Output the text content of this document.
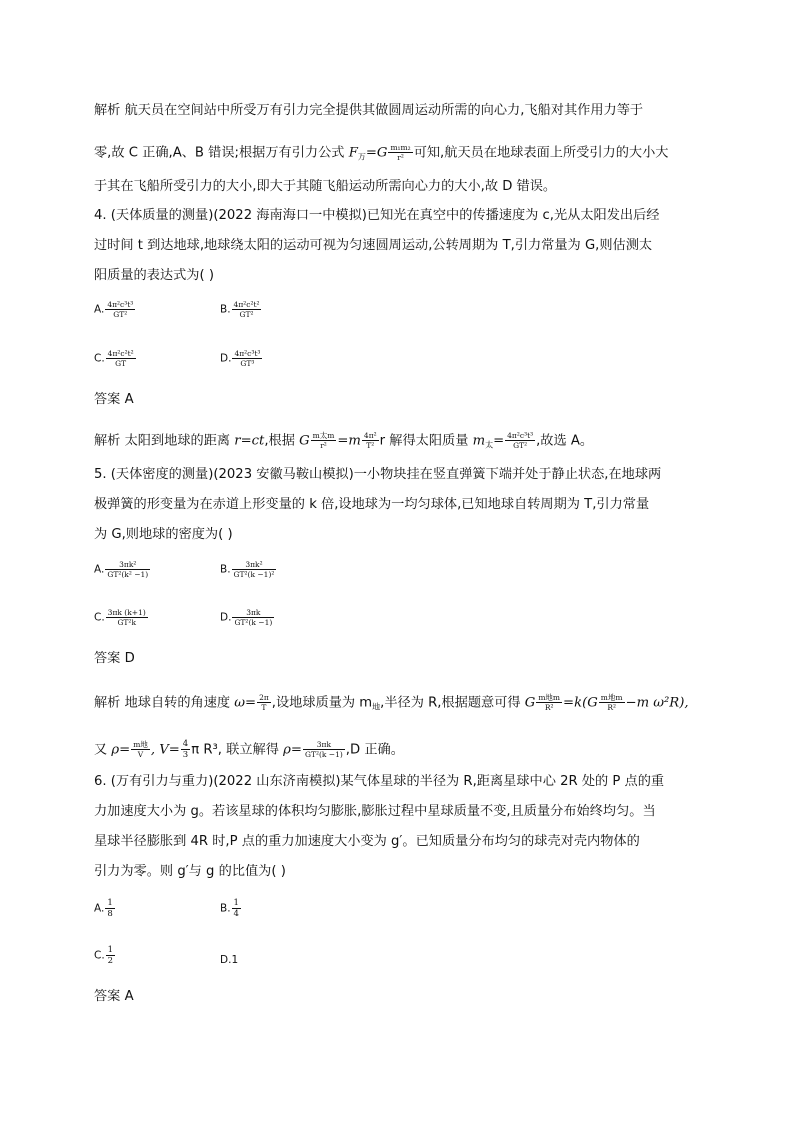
解析 航天员在空间站中所受万有引力完全提供其做圆周运动所需的向心力,飞船对其作用力等于
零,故 C 正确,A、B 错误;根据万有引力公式 $F_万=G \frac{\text{m₁m₂}}{\text{r²}}$ 可知,航天员在地球表面上所受引力的大小大
于其在飞船所受引力的大小,即大于其随飞船运动所需向心力的大小,故 D 错误。
4. (天体质量的测量)(2022 海南海口一中模拟)已知光在真空中的传播速度为 c,光从太阳发出后经
过时间 t 到达地球,地球绕太阳的运动可视为匀速圆周运动,公转周期为 T,引力常量为 G,则估测太
阳质量的表达式为( )
A. $\frac{\text{4π²c³t³}}{\text{GT²}}$	B. $\frac{\text{4π²c²t²}}{\text{GT²}}$
C. $\frac{\text{4π²c²t²}}{GT}$	D. $\frac{\text{4π²c³t³}}{\text{GT³}}$
答案 A
解析 太阳到地球的距离 r=ct,根据 G $\frac{\text{m太m}}{\text{r²}} =m \frac{\text{4π²}}{\text{T²}}$ r 解得太阳质量 $m_太= \frac{\text{4π²c³t³}}{\text{GT²}}$ ,故选 A。
5. (天体密度的测量)(2023 安徽马鞍山模拟)一小物块挂在竖直弹簧下端并处于静止状态,在地球两
极弹簧的形变量为在赤道上形变量的 k 倍,设地球为一均匀球体,已知地球自转周期为 T,引力常量
为 G,则地球的密度为( )
A. $\frac{\text{3πk²}}{\text{GT²(k² −1)}}$	B. $\frac{\text{3πk²}}{\text{GT²(k −1)²}}$
C. $\frac{3\pi k (k+1)}{\text{GT²k}}$	D. $\frac{3\pi k}{\text{GT²(k −1)}}$
答案 D
解析 地球自转的角速度 $\omega= \frac{2\pi}{T}$ ,设地球质量为 $m_地$,半径为 R,根据题意可得 G $\frac{\text{m地m}}{\text{R²}} =k(G \frac{\text{m地m}}{\text{R²}} -m$ ω²R),
又 $\rho= \frac{\text{m地}}{V}$ , $V= \frac{4}{3}$ π R³, 联立解得 $\rho= \frac{3\pi k}{\text{GT²(k −1)}} ,D$ 正确。
6. (万有引力与重力)(2022 山东济南模拟)某气体星球的半径为 R,距离星球中心 2R 处的 P 点的重
力加速度大小为 g。若该星球的体积均匀膨胀,膨胀过程中星球质量不变,且质量分布始终均匀。当
星球半径膨胀到 4R 时,P 点的重力加速度大小变为 g′。已知质量分布均匀的球壳对壳内物体的
引力为零。则 g′与 g 的比值为( )
A. $\frac{1}{8}$	B. $\frac{1}{4}$
C. $\frac{1}{2}$	D.1
答案 A
